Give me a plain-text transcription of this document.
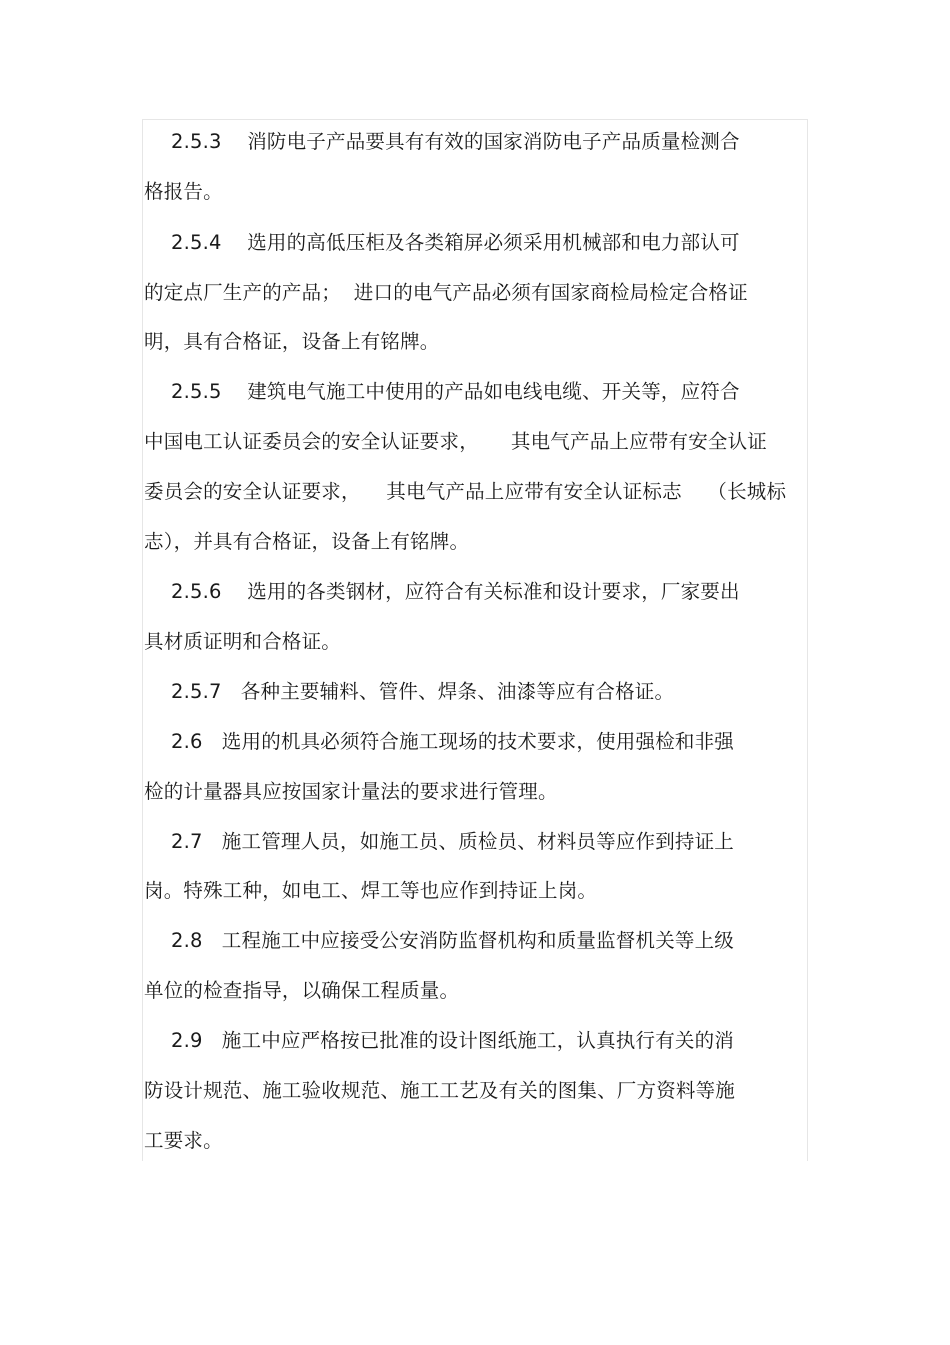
2.5.3    消防电子产品要具有有效的国家消防电子产品质量检测合
格报告。
2.5.4    选用的高低压柜及各类箱屏必须采用机械部和电力部认可
的定点厂生产的产品；  进口的电气产品必须有国家商检局检定合格证
明，具有合格证，设备上有铭牌。
2.5.5    建筑电气施工中使用的产品如电线电缆、开关等，应符合
中国电工认证委员会的安全认证要求，     其电气产品上应带有安全认证
委员会的安全认证要求，    其电气产品上应带有安全认证标志    （长城标
志），并具有合格证，设备上有铭牌。
2.5.6    选用的各类钢材，应符合有关标准和设计要求，厂家要出
具材质证明和合格证。
2.5.7   各种主要辅料、管件、焊条、油漆等应有合格证。
2.6   选用的机具必须符合施工现场的技术要求，使用强检和非强
检的计量器具应按国家计量法的要求进行管理。
2.7   施工管理人员，如施工员、质检员、材料员等应作到持证上
岗。特殊工种，如电工、焊工等也应作到持证上岗。
2.8   工程施工中应接受公安消防监督机构和质量监督机关等上级
单位的检查指导，以确保工程质量。
2.9   施工中应严格按已批准的设计图纸施工，认真执行有关的消
防设计规范、施工验收规范、施工工艺及有关的图集、厂方资料等施
工要求。
